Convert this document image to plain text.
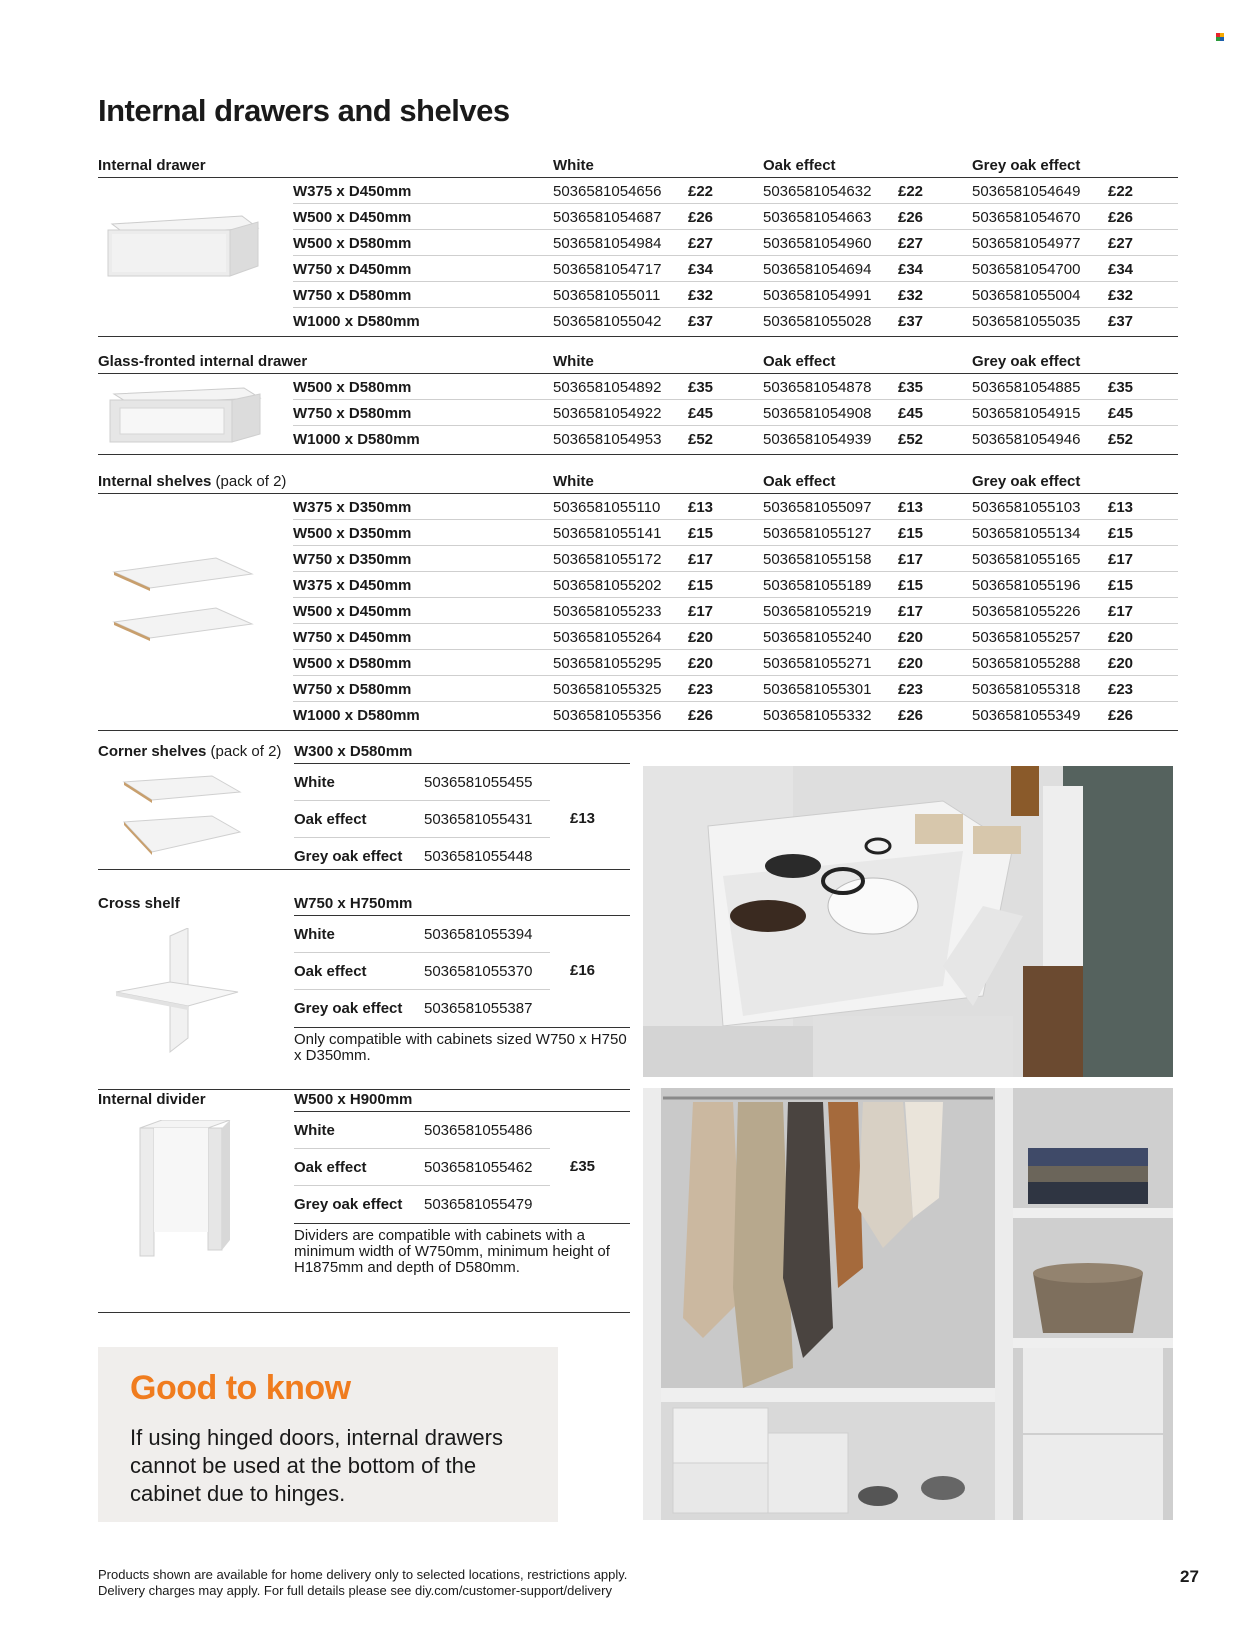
Internal drawers and shelves
Internal drawer	White	Oak effect	Grey oak effect
W375 x D450mm	5036581054656 £22	5036581054632 £22	5036581054649 £22
W500 x D450mm	5036581054687 £26	5036581054663 £26	5036581054670 £26
W500 x D580mm	5036581054984 £27	5036581054960 £27	5036581054977 £27
W750 x D450mm	5036581054717 £34	5036581054694 £34	5036581054700 £34
W750 x D580mm	5036581055011 £32	5036581054991 £32	5036581055004 £32
W1000 x D580mm	5036581055042 £37	5036581055028 £37	5036581055035 £37
Glass-fronted internal drawer	White	Oak effect	Grey oak effect
W500 x D580mm	5036581054892 £35	5036581054878 £35	5036581054885 £35
W750 x D580mm	5036581054922 £45	5036581054908 £45	5036581054915 £45
W1000 x D580mm	5036581054953 £52	5036581054939 £52	5036581054946 £52
Internal shelves (pack of 2)	White	Oak effect	Grey oak effect
W375 x D350mm	5036581055110 £13	5036581055097 £13	5036581055103 £13
W500 x D350mm	5036581055141 £15	5036581055127 £15	5036581055134 £15
W750 x D350mm	5036581055172 £17	5036581055158 £17	5036581055165 £17
W375 x D450mm	5036581055202 £15	5036581055189 £15	5036581055196 £15
W500 x D450mm	5036581055233 £17	5036581055219 £17	5036581055226 £17
W750 x D450mm	5036581055264 £20	5036581055240 £20	5036581055257 £20
W500 x D580mm	5036581055295 £20	5036581055271 £20	5036581055288 £20
W750 x D580mm	5036581055325 £23	5036581055301 £23	5036581055318 £23
W1000 x D580mm	5036581055356 £26	5036581055332 £26	5036581055349 £26
Corner shelves (pack of 2) W300 x D580mm
White	5036581055455
Oak effect	5036581055431
Grey oak effect 5036581055448
£13
Cross shelf	W750 x H750mm
White	5036581055394
Oak effect	5036581055370
Grey oak effect 5036581055387
£16
Only compatible with cabinets sized W750 x H750 x D350mm.
Internal divider	W500 x H900mm
White	5036581055486
Oak effect	5036581055462
Grey oak effect 5036581055479
£35
Dividers are compatible with cabinets with a minimum width of W750mm, minimum height of H1875mm and depth of D580mm.
Good to know
If using hinged doors, internal drawers cannot be used at the bottom of the cabinet due to hinges.
Products shown are available for home delivery only to selected locations, restrictions apply.
Delivery charges may apply. For full details please see diy.com/customer-support/delivery
27
